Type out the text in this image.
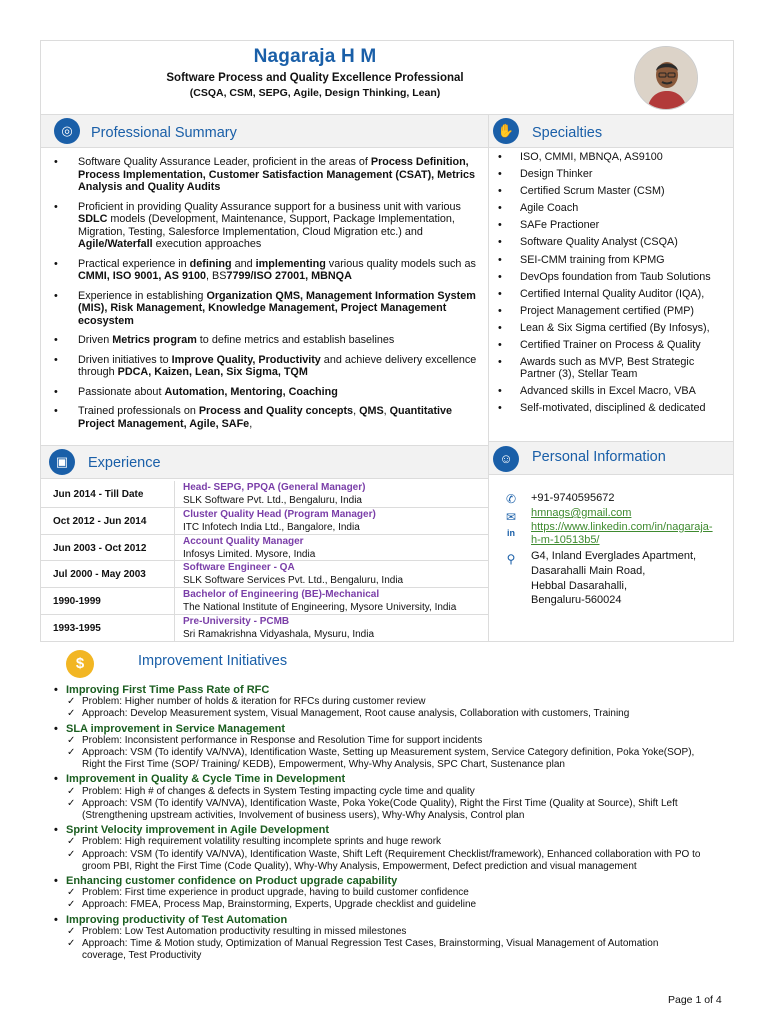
Nagaraja H M
Software Process and Quality Excellence Professional
(CSQA, CSM, SEPG, Agile, Design Thinking, Lean)
◎	Professional Summary	✋	Specialties
• Software Quality Assurance Leader, proficient in the areas of Process Definition, Process Implementation, Customer Satisfaction Management (CSAT), Metrics Analysis and Quality Audits
• Proficient in providing Quality Assurance support for a business unit with various SDLC models (Development, Maintenance, Support, Package Implementation, Migration, Testing, Salesforce Implementation, Cloud Migration etc.) and Agile/Waterfall execution approaches
• Practical experience in defining and implementing various quality models such as CMMI, ISO 9001, AS 9100, BS7799/ISO 27001, MBNQA
• Experience in establishing Organization QMS, Management Information System (MIS), Risk Management, Knowledge Management, Project Management ecosystem
• Driven Metrics program to define metrics and establish baselines
• Driven initiatives to Improve Quality, Productivity and achieve delivery excellence through PDCA, Kaizen, Lean, Six Sigma, TQM
• Passionate about Automation, Mentoring, Coaching
• Trained professionals on Process and Quality concepts, QMS, Quantitative Project Management, Agile, SAFe,
• ISO, CMMI, MBNQA, AS9100
• Design Thinker
• Certified Scrum Master (CSM)
• Agile Coach
• SAFe Practioner
• Software Quality Analyst (CSQA)
• SEI-CMM training from KPMG
• DevOps foundation from Taub Solutions
• Certified Internal Quality Auditor (IQA),
• Project Management certified (PMP)
• Lean & Six Sigma certified (By Infosys),
• Certified Trainer on Process & Quality
• Awards such as MVP, Best Strategic Partner (3), Stellar Team
• Advanced skills in Excel Macro, VBA
• Self-motivated, disciplined & dedicated
▣	Experience	☺	Personal Information
Jun 2014 - Till Date
Head- SEPG, PPQA (General Manager)
SLK Software Pvt. Ltd., Bengaluru, India
Oct 2012 - Jun 2014
Cluster Quality Head (Program Manager)
ITC Infotech India Ltd., Bangalore, India
Jun 2003 - Oct 2012
Account Quality Manager
Infosys Limited. Mysore, India
Jul 2000 - May 2003
Software Engineer - QA
SLK Software Services Pvt. Ltd., Bengaluru, India
1990-1999
Bachelor of Engineering (BE)-Mechanical
The National Institute of Engineering, Mysore University, India
1993-1995
Pre-University - PCMB
Sri Ramakrishna Vidyashala, Mysuru, India
✆ +91-9740595672
✉ hmnags@gmail.com
in https://www.linkedin.com/in/nagaraja-
h-m-10513b5/
⚲ G4, Inland Everglades Apartment,
Dasarahalli Main Road,
Hebbal Dasarahalli,
Bengaluru-560024
$	Improvement Initiatives
• Improving First Time Pass Rate of RFC
✓ Problem: Higher number of holds & iteration for RFCs during customer review
✓ Approach: Develop Measurement system, Visual Management, Root cause analysis, Collaboration with customers, Training
• SLA improvement in Service Management
✓ Problem: Inconsistent performance in Response and Resolution Time for support incidents
✓ Approach: VSM (To identify VA/NVA), Identification Waste, Setting up Measurement system, Service Category definition, Poka Yoke(SOP),
Right the First Time (SOP/ Training/ KEDB), Empowerment, Why-Why Analysis, SPC Chart, Sustenance plan
• Improvement in Quality & Cycle Time in Development
✓ Problem: High # of changes & defects in System Testing impacting cycle time and quality
✓ Approach: VSM (To identify VA/NVA), Identification Waste, Poka Yoke(Code Quality), Right the First Time (Quality at Source), Shift Left
(Strengthening upstream activities, Involvement of business users), Why-Why Analysis, Control plan
• Sprint Velocity improvement in Agile Development
✓ Problem: High requirement volatility resulting incomplete sprints and huge rework
✓ Approach: VSM (To identify VA/NVA), Identification Waste, Shift Left (Requirement Checklist/framework), Enhanced collaboration with PO to
groom PBI, Right the First Time (Code Quality), Why-Why Analysis, Empowerment, Defect prediction and visual management
• Enhancing customer confidence on Product upgrade capability
✓ Problem: First time experience in product upgrade, having to build customer confidence
✓ Approach: FMEA, Process Map, Brainstorming, Experts, Upgrade checklist and guideline
• Improving productivity of Test Automation
✓ Problem: Low Test Automation productivity resulting in missed milestones
✓ Approach: Time & Motion study, Optimization of Manual Regression Test Cases, Brainstorming, Visual Management of Automation
coverage, Test Productivity
Page 1 of 4
